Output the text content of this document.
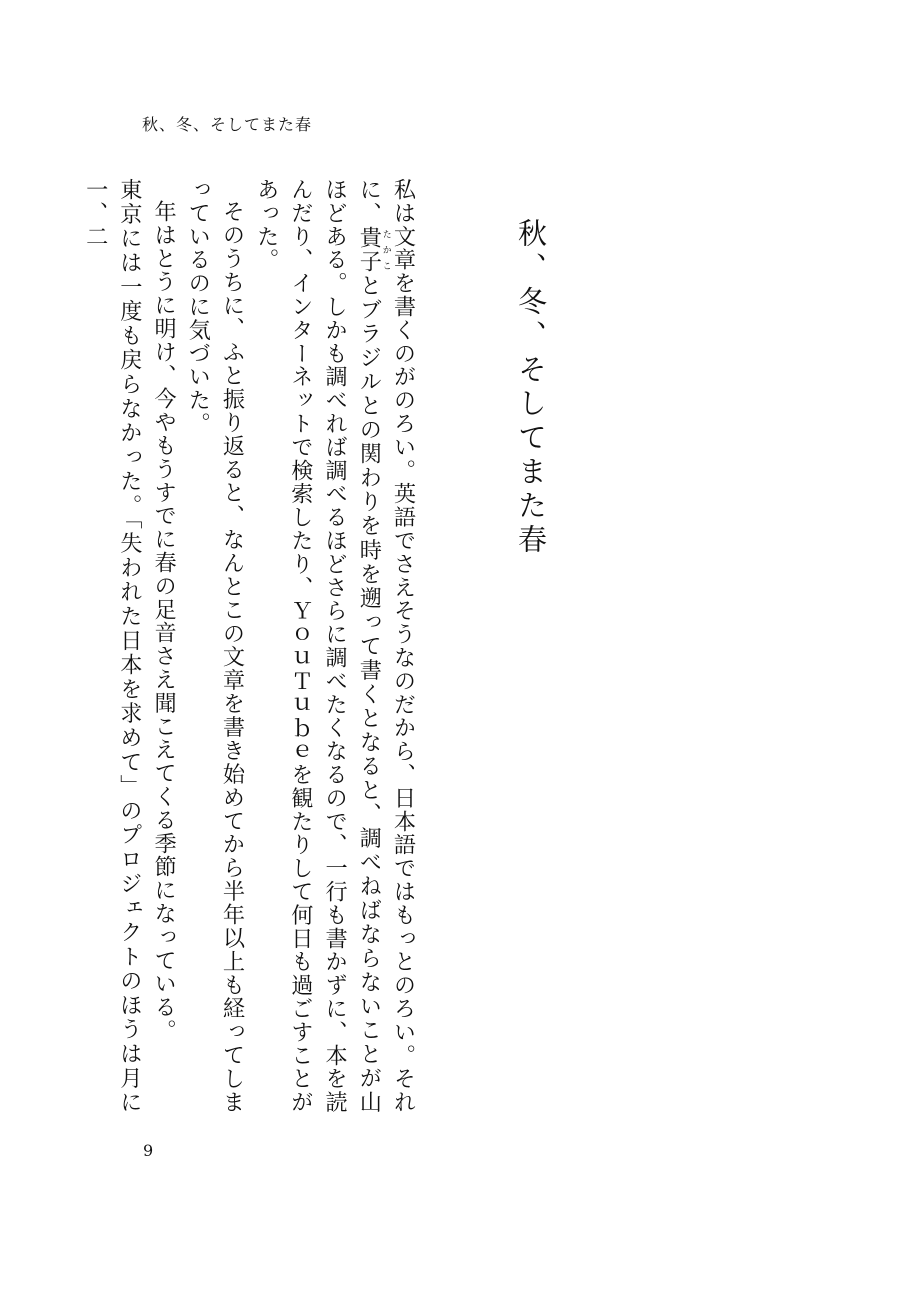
秋、冬、そしてまた春
秋、冬、そしてまた春

私は文章を書くのがのろい。英語でさえそうなのだから、日本語ではもっとのろい。それに、貴子 たかことブラジルとの関わりを時を遡って書くとなると、調べねばならないことが山ほどある。しかも調べれば調べるほどさらに調べたくなるので、一行も書かずに、本を読んだり、インターネットで検索したり、ＹｏｕＴｕｂｅを観たりして何日も過ごすことがあった。

そのうちに、ふと振り返ると、なんとこの文章を書き始めてから半年以上も経ってしまっているのに気づいた。

年はとうに明け、今やもうすでに春の足音さえ聞こえてくる季節になっている。

東京には一度も戻らなかった。「失われた日本を求めて」のプロジェクトのほうは月に一、二

9
